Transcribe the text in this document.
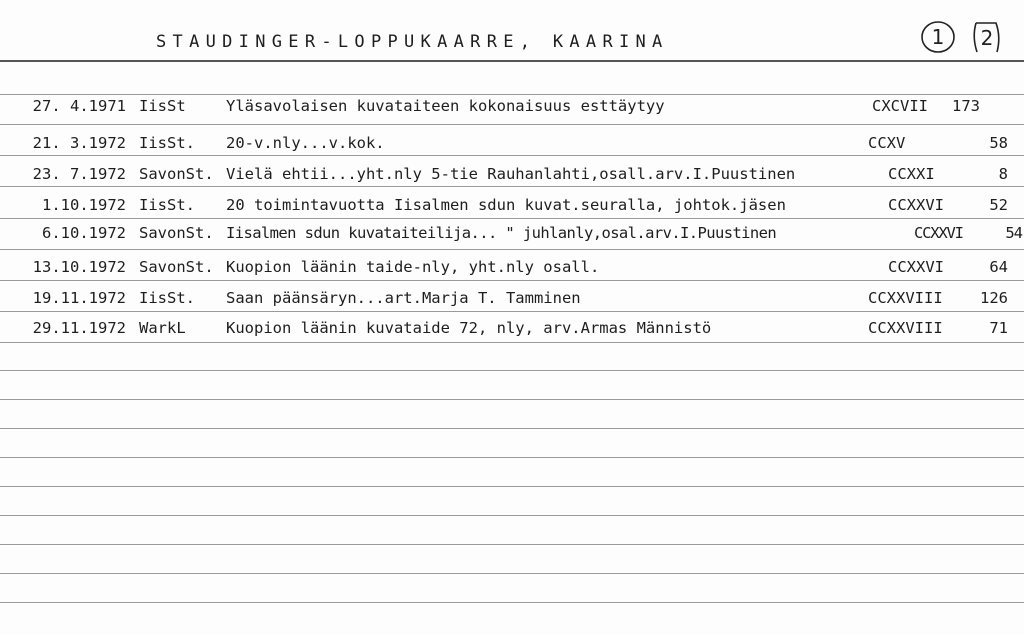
STAUDINGER-LOPPUKAARRE, KAARINA	1 2
27. 4.1971 IisSt	Yläsavolaisen kuvataiteen kokonaisuus esttäytyy	CXCVII 173
21. 3.1972 IisSt. 20-v.nly...v.kok.	CCXV	58
23. 7.1972 SavonSt. Vielä ehtii...yht.nly 5-tie Rauhanlahti,osall.arv.I.Puustinen	CCXXI	8
1.10.1972 IisSt. 20 toimintavuotta Iisalmen sdun kuvat.seuralla, johtok.jäsen	CCXXVI	52
6.10.1972 SavonSt. Iisalmen sdun kuvataiteilija... " juhlanly,osal.arv.I.Puustinen	CCXXVI	54
13.10.1972 SavonSt. Kuopion läänin taide-nly, yht.nly osall.	CCXXVI	64
19.11.1972 IisSt. Saan päänsäryn...art.Marja T. Tamminen	CCXXVIII 126
29.11.1972 WarkL	Kuopion läänin kuvataide 72, nly, arv.Armas Männistö	CCXXVIII	71
